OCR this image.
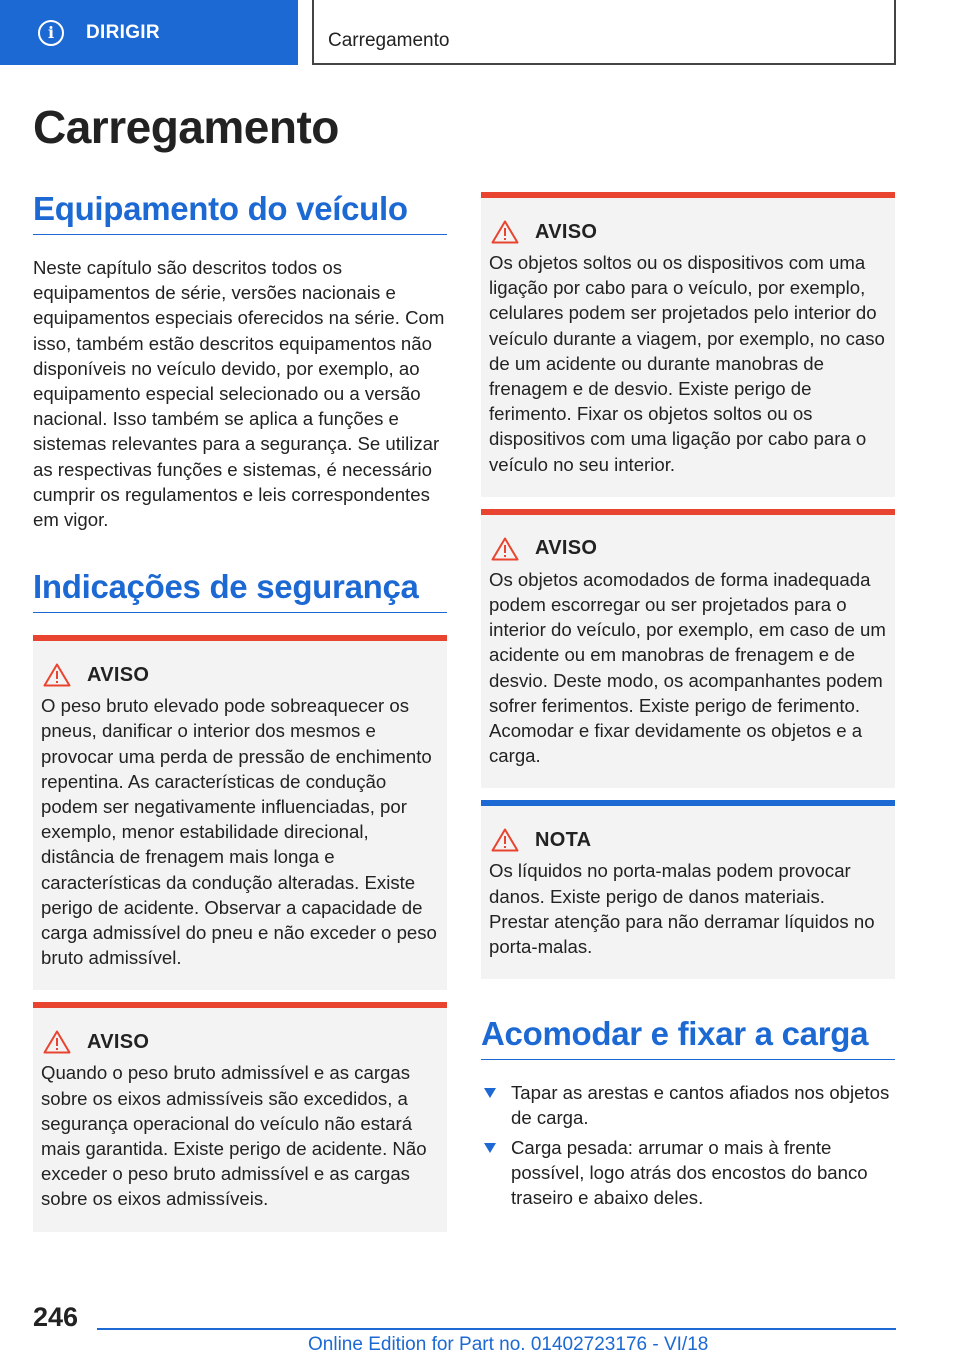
i	DIRIGIR	Carregamento
Carregamento
Equipamento do veículo

Neste capítulo são descritos todos os equipamentos de série, versões nacionais e equipamentos especiais oferecidos na série. Com isso, também estão descritos equipamentos não disponíveis no veículo devido, por exemplo, ao equipamento especial selecionado ou a versão nacional. Isso também se aplica a funções e sistemas relevantes para a segurança. Se utilizar as respectivas funções e sistemas, é necessário cumprir os regulamentos e leis correspondentes em vigor.

Indicações de segurança
AVISO

O peso bruto elevado pode sobreaquecer os pneus, danificar o interior dos mesmos e provocar uma perda de pressão de enchimento repentina. As características de condução podem ser negativamente influenciadas, por exemplo, menor estabilidade direcional, distância de frenagem mais longa e características da condução alteradas. Existe perigo de acidente. Observar a capacidade de carga admissível do pneu e não exceder o peso bruto admissível.

AVISO

Quando o peso bruto admissível e as cargas sobre os eixos admissíveis são excedidos, a segurança operacional do veículo não estará mais garantida. Existe perigo de acidente. Não exceder o peso bruto admissível e as cargas sobre os eixos admissíveis.

AVISO

Os objetos soltos ou os dispositivos com uma ligação por cabo para o veículo, por exemplo, celulares podem ser projetados pelo interior do veículo durante a viagem, por exemplo, no caso de um acidente ou durante manobras de frenagem e de desvio. Existe perigo de ferimento. Fixar os objetos soltos ou os dispositivos com uma ligação por cabo para o veículo no seu interior.

AVISO

Os objetos acomodados de forma inadequada podem escorregar ou ser projetados para o interior do veículo, por exemplo, em caso de um acidente ou em manobras de frenagem e de desvio. Deste modo, os acompanhantes podem sofrer ferimentos. Existe perigo de ferimento. Acomodar e fixar devidamente os objetos e a carga.

NOTA

Os líquidos no porta-malas podem provocar danos. Existe perigo de danos materiais. Prestar atenção para não derramar líquidos no porta-malas.

Acomodar e fixar a carga
Tapar as arestas e cantos afiados nos objetos de carga.
Carga pesada: arrumar o mais à frente possível, logo atrás dos encostos do banco traseiro e abaixo deles.
246
Online Edition for Part no. 01402723176 - VI/18
